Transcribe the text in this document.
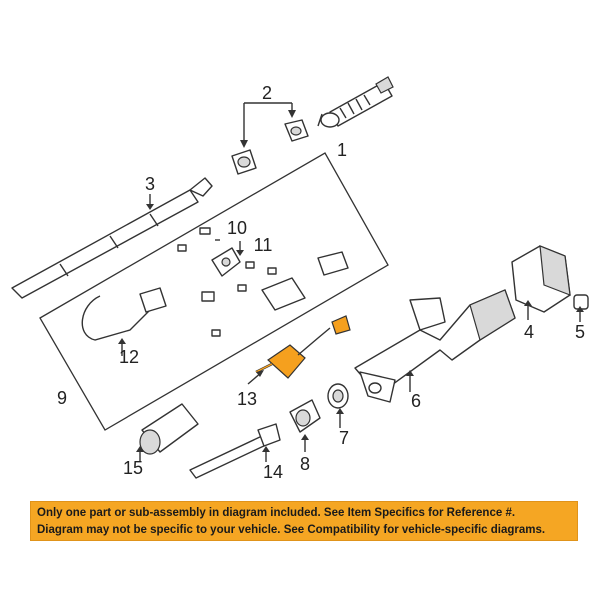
1
2
3
4 5
6
7
8
9
10
11
12
13
14
15
Only one part or sub-assembly in diagram included. See Item Specifics for Reference #.
Diagram may not be specific to your vehicle. See Compatibility for vehicle-specific diagrams.
